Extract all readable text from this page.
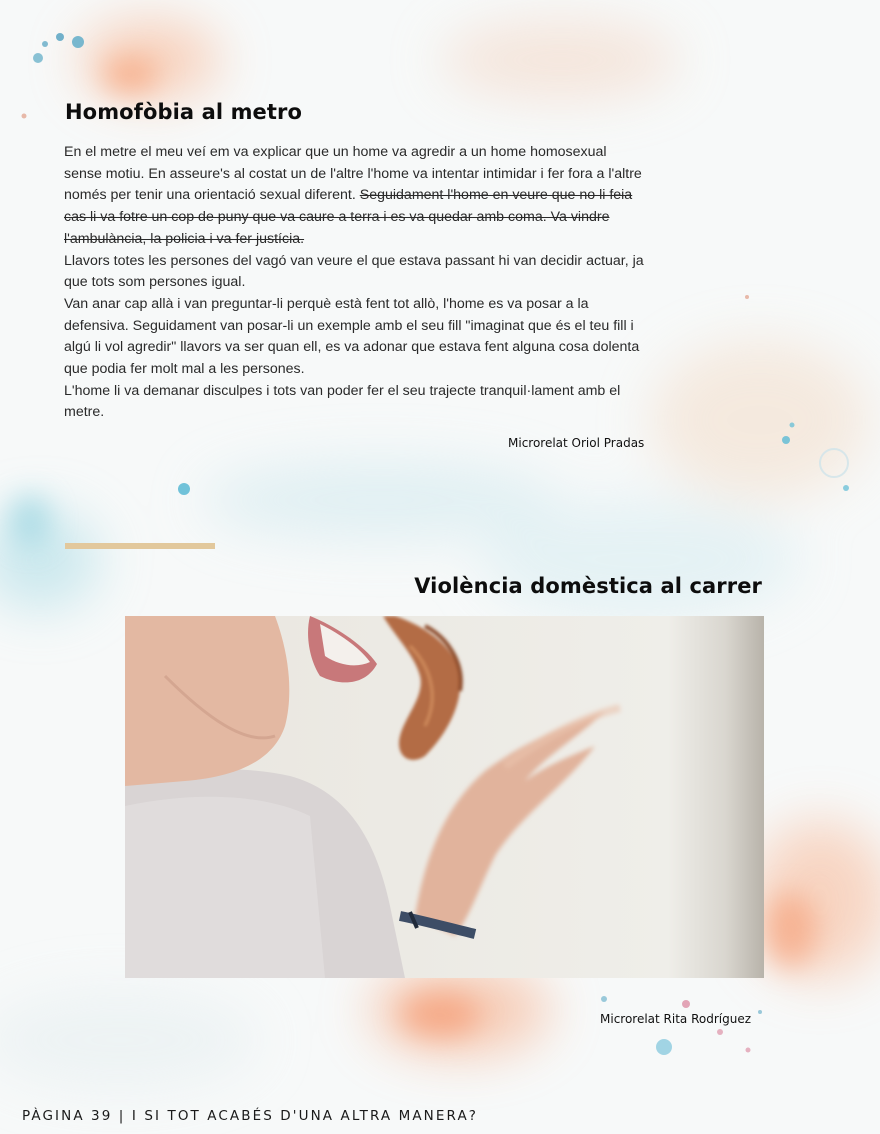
Homofòbia al metro

En el metre el meu veí em va explicar que un home va agredir a un home homosexual

sense motiu. En asseure's al costat un de l'altre l'home va intentar intimidar i fer fora a l'altre

només per tenir una orientació sexual diferent. Seguidament l'home en veure que no li feia

cas li va fotre un cop de puny que va caure a terra i es va quedar amb coma. Va vindre

l'ambulància, la policia i va fer justícia.

Llavors totes les persones del vagó van veure el que estava passant hi van decidir actuar, ja

que tots som persones igual.

Van anar cap allà i van preguntar-li perquè està fent tot allò, l'home es va posar a la

defensiva. Seguidament van posar-li un exemple amb el seu fill "imaginat que és el teu fill i

algú li vol agredir" llavors va ser quan ell, es va adonar que estava fent alguna cosa dolenta

que podia fer molt mal a les persones.

L'home li va demanar disculpes i tots van poder fer el seu trajecte tranquil·lament amb el

metre.

Microrelat Oriol Pradas
Violència domèstica al carrer
Microrelat Rita Rodríguez
PÀGINA 39 | I SI TOT ACABÉS D'UNA ALTRA MANERA?
